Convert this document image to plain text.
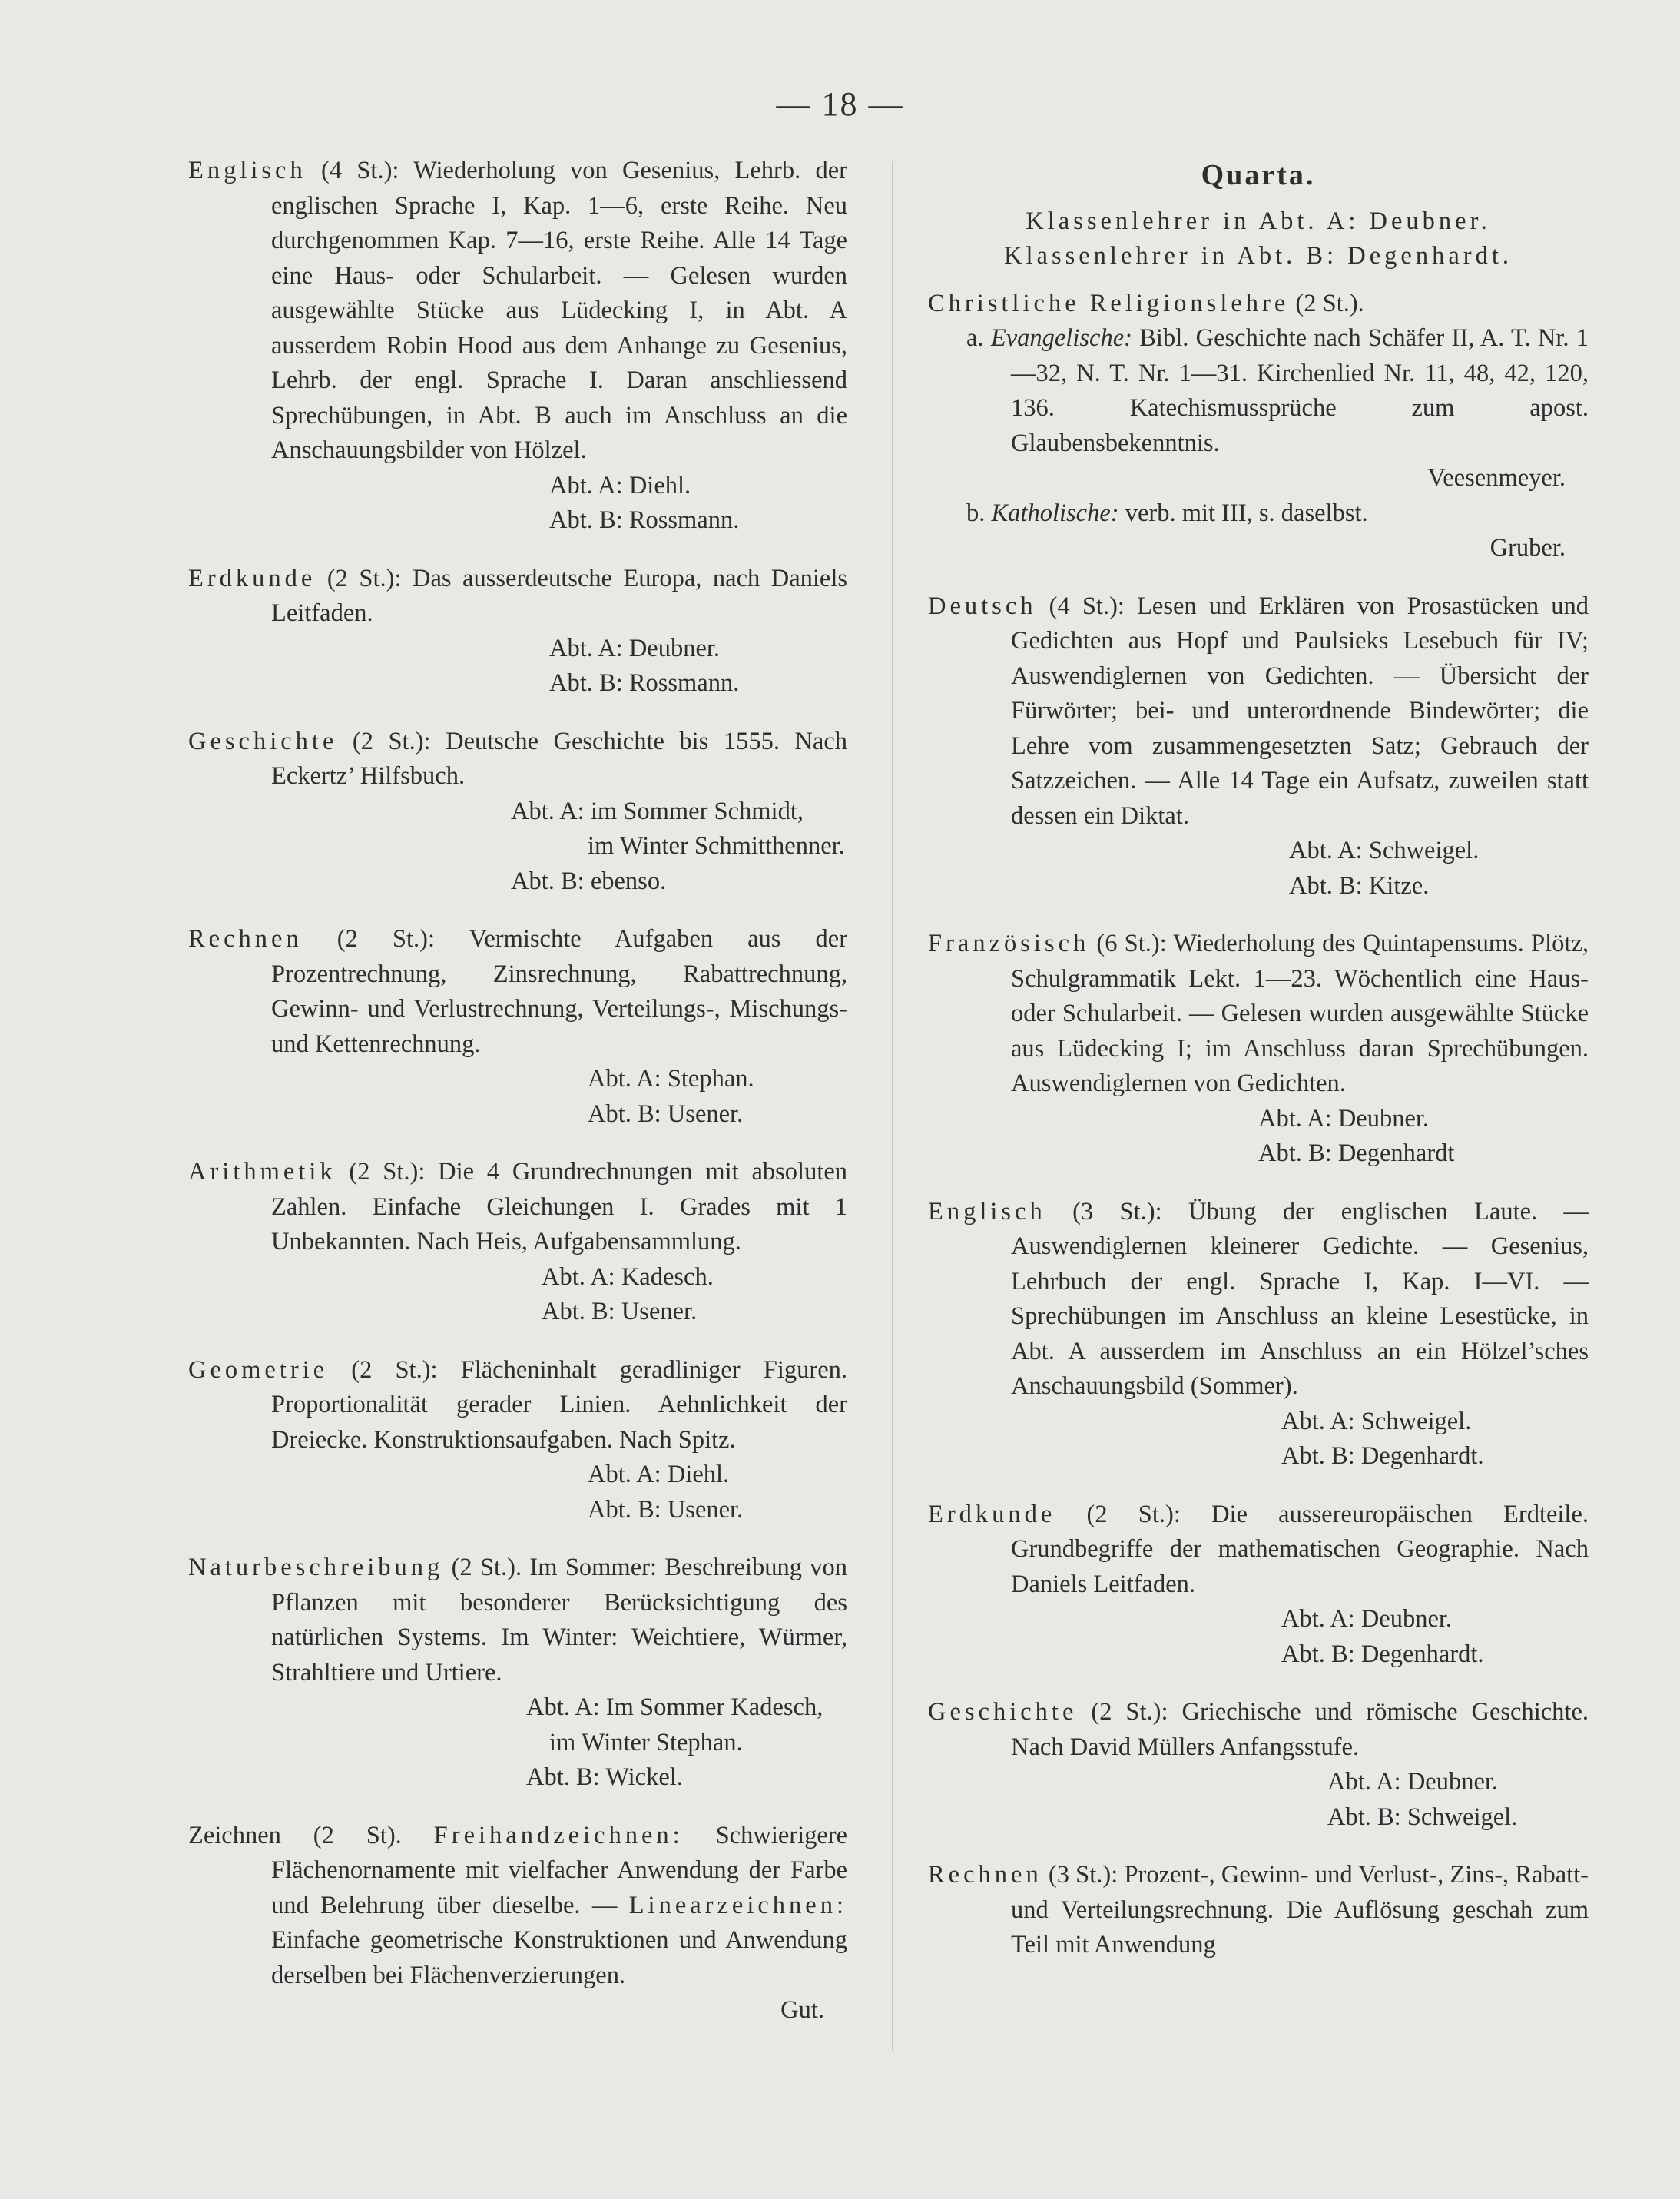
— 18 —
Englisch (4 St.): Wiederholung von Gesenius, Lehrb. der englischen Sprache I, Kap. 1—6, erste Reihe. Neu durchgenommen Kap. 7—16, erste Reihe. Alle 14 Tage eine Haus- oder Schularbeit. — Gelesen wurden ausgewählte Stücke aus Lüdecking I, in Abt. A ausserdem Robin Hood aus dem Anhange zu Gesenius, Lehrb. der engl. Sprache I. Daran anschliessend Sprechübungen, in Abt. B auch im Anschluss an die Anschauungsbilder von Hölzel.
Abt. A: Diehl.
Abt. B: Rossmann.
Erdkunde (2 St.): Das ausserdeutsche Europa, nach Daniels Leitfaden.
Abt. A: Deubner.
Abt. B: Rossmann.
Geschichte (2 St.): Deutsche Geschichte bis 1555. Nach Eckertz’ Hilfsbuch.
Abt. A: im Sommer Schmidt,
im Winter Schmitthenner.
Abt. B: ebenso.
Rechnen (2 St.): Vermischte Aufgaben aus der Prozentrechnung, Zinsrechnung, Rabattrechnung, Gewinn- und Verlustrechnung, Verteilungs-, Mischungs- und Kettenrechnung.
Abt. A: Stephan.
Abt. B: Usener.
Arithmetik (2 St.): Die 4 Grundrechnungen mit absoluten Zahlen. Einfache Gleichungen I. Grades mit 1 Unbekannten. Nach Heis, Aufgabensammlung.
Abt. A: Kadesch.
Abt. B: Usener.
Geometrie (2 St.): Flächeninhalt geradliniger Figuren. Proportionalität gerader Linien. Aehnlichkeit der Dreiecke. Konstruktionsaufgaben. Nach Spitz.
Abt. A: Diehl.
Abt. B: Usener.
Naturbeschreibung (2 St.). Im Sommer: Beschreibung von Pflanzen mit besonderer Berücksichtigung des natürlichen Systems. Im Winter: Weichtiere, Würmer, Strahltiere und Urtiere.
Abt. A: Im Sommer Kadesch,
im Winter Stephan.
Abt. B: Wickel.
Zeichnen (2 St). Freihandzeichnen: Schwierigere Flächenornamente mit vielfacher Anwendung der Farbe und Belehrung über dieselbe. — Linearzeichnen: Einfache geometrische Konstruktionen und Anwendung derselben bei Flächenverzierungen.
Gut.
Quarta.
Klassenlehrer in Abt. A: Deubner.
Klassenlehrer in Abt. B: Degenhardt.
Christliche Religionslehre (2 St.).
a. Evangelische: Bibl. Geschichte nach Schäfer II, A. T. Nr. 1—32, N. T. Nr. 1—31. Kirchenlied Nr. 11, 48, 42, 120, 136. Katechismussprüche zum apost. Glaubensbekenntnis.
Veesenmeyer.
b. Katholische: verb. mit III, s. daselbst.
Gruber.
Deutsch (4 St.): Lesen und Erklären von Prosastücken und Gedichten aus Hopf und Paulsieks Lesebuch für IV; Auswendiglernen von Gedichten. — Übersicht der Fürwörter; bei- und unterordnende Bindewörter; die Lehre vom zusammengesetzten Satz; Gebrauch der Satzzeichen. — Alle 14 Tage ein Aufsatz, zuweilen statt dessen ein Diktat.
Abt. A: Schweigel.
Abt. B: Kitze.
Französisch (6 St.): Wiederholung des Quintapensums. Plötz, Schulgrammatik Lekt. 1—23. Wöchentlich eine Haus- oder Schularbeit. — Gelesen wurden ausgewählte Stücke aus Lüdecking I; im Anschluss daran Sprechübungen. Auswendiglernen von Gedichten.
Abt. A: Deubner.
Abt. B: Degenhardt
Englisch (3 St.): Übung der englischen Laute. — Auswendiglernen kleinerer Gedichte. — Gesenius, Lehrbuch der engl. Sprache I, Kap. I—VI. — Sprechübungen im Anschluss an kleine Lesestücke, in Abt. A ausserdem im Anschluss an ein Hölzel’sches Anschauungsbild (Sommer).
Abt. A: Schweigel.
Abt. B: Degenhardt.
Erdkunde (2 St.): Die aussereuropäischen Erdteile. Grundbegriffe der mathematischen Geographie. Nach Daniels Leitfaden.
Abt. A: Deubner.
Abt. B: Degenhardt.
Geschichte (2 St.): Griechische und römische Geschichte. Nach David Müllers Anfangsstufe.
Abt. A: Deubner.
Abt. B: Schweigel.
Rechnen (3 St.): Prozent-, Gewinn- und Verlust-, Zins-, Rabatt- und Verteilungsrechnung. Die Auflösung geschah zum Teil mit Anwendung
